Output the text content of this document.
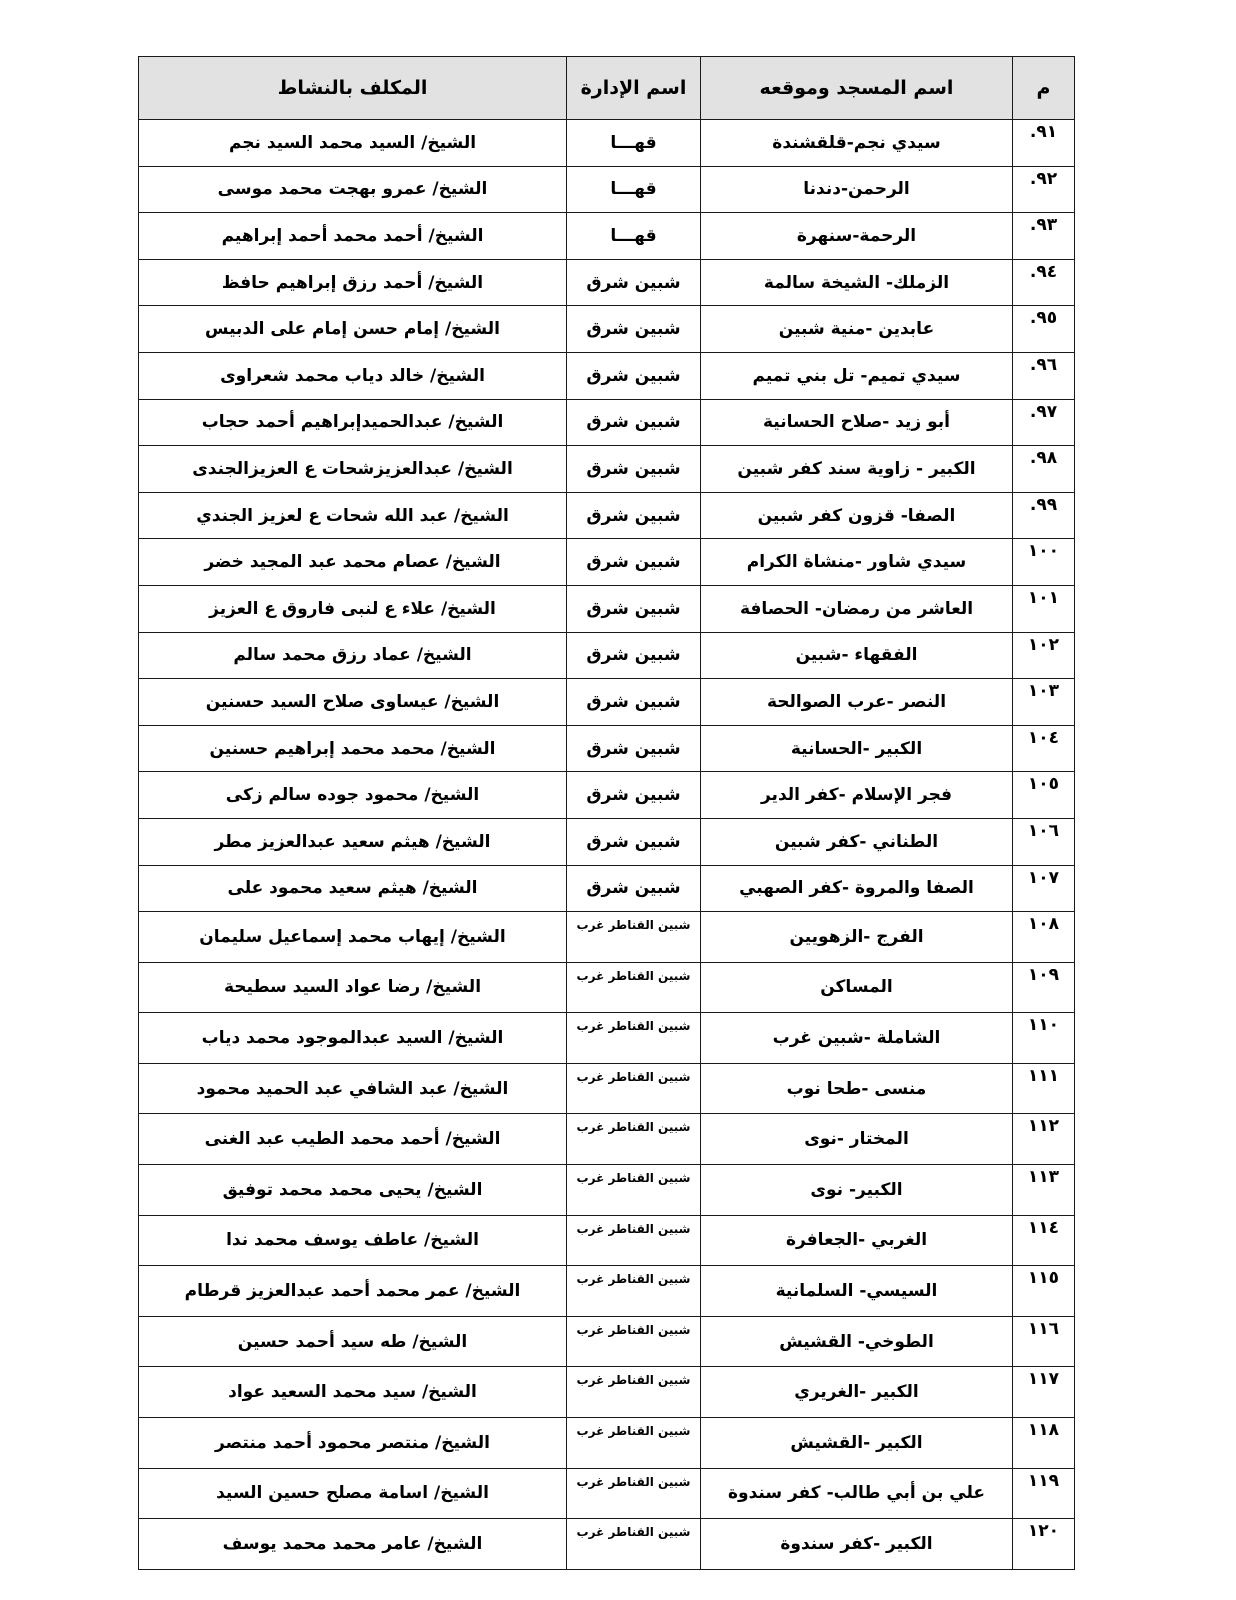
م	اسم المسجد وموقعه	اسم الإدارة	المكلف بالنشاط
٩١.	سيدي نجم-قلقشندة	قهـــا	الشيخ/ السيد محمد السيد نجم
٩٢.	الرحمن-دندنا	قهـــا	الشيخ/ عمرو بهجت محمد موسى
٩٣.	الرحمة-سنهرة	قهـــا	الشيخ/ أحمد محمد أحمد إبراهيم
٩٤.	الزملك- الشيخة سالمة	شبين شرق	الشيخ/ أحمد رزق إبراهيم حافظ
٩٥.	عابدين -منية شبين	شبين شرق	الشيخ/ إمام حسن إمام على الدبيس
٩٦.	سيدي تميم- تل بني تميم	شبين شرق	الشيخ/ خالد دياب محمد شعراوى
٩٧.	أبو زيد -صلاح الحسانية	شبين شرق	الشيخ/ عبدالحميدإبراهيم أحمد حجاب
٩٨.	الكبير - زاوية سند كفر شبين	شبين شرق	الشيخ/ عبدالعزيزشحات ع العزيزالجندى
٩٩.	الصفا- قزون كفر شبين	شبين شرق	الشيخ/ عبد الله شحات ع لعزيز الجندي
١٠٠	سيدي شاور -منشاة الكرام	شبين شرق	الشيخ/ عصام محمد عبد المجيد خضر
١٠١	العاشر من رمضان- الحصافة	شبين شرق	الشيخ/ علاء ع لنبى فاروق ع العزيز
١٠٢	الفقهاء -شبين	شبين شرق	الشيخ/ عماد رزق محمد سالم
١٠٣	النصر -عرب الصوالحة	شبين شرق	الشيخ/ عيساوى صلاح السيد حسنين
١٠٤	الكبير -الحسانية	شبين شرق	الشيخ/ محمد محمد إبراهيم حسنين
١٠٥	فجر الإسلام -كفر الدير	شبين شرق	الشيخ/ محمود جوده سالم زكى
١٠٦	الطناني -كفر شبين	شبين شرق	الشيخ/ هيثم سعيد عبدالعزيز مطر
١٠٧	الصفا والمروة -كفر الصهبي	شبين شرق	الشيخ/ هيثم سعيد محمود على
١٠٨	الفرج -الزهويين	شبين القناطر غرب	الشيخ/ إيهاب محمد إسماعيل سليمان
١٠٩	المساكن	شبين القناطر غرب	الشيخ/ رضا عواد السيد سطيحة
١١٠	الشاملة -شبين غرب	شبين القناطر غرب	الشيخ/ السيد عبدالموجود محمد دياب
١١١	منسى -طحا نوب	شبين القناطر غرب	الشيخ/ عبد الشافي عبد الحميد محمود
١١٢	المختار -نوى	شبين القناطر غرب	الشيخ/ أحمد محمد الطيب عبد الغنى
١١٣	الكبير- نوى	شبين القناطر غرب	الشيخ/ يحيى محمد محمد توفيق
١١٤	الغربي -الجعافرة	شبين القناطر غرب	الشيخ/ عاطف يوسف محمد ندا
١١٥	السيسي- السلمانية	شبين القناطر غرب	الشيخ/ عمر محمد أحمد عبدالعزيز قرطام
١١٦	الطوخي- القشيش	شبين القناطر غرب	الشيخ/ طه سيد أحمد حسين
١١٧	الكبير -الغريري	شبين القناطر غرب	الشيخ/ سيد محمد السعيد عواد
١١٨	الكبير -القشيش	شبين القناطر غرب	الشيخ/ منتصر محمود أحمد منتصر
١١٩	علي بن أبي طالب- كفر سندوة	شبين القناطر غرب	الشيخ/ اسامة مصلح حسين السيد
١٢٠	الكبير -كفر سندوة	شبين القناطر غرب	الشيخ/ عامر محمد محمد يوسف
